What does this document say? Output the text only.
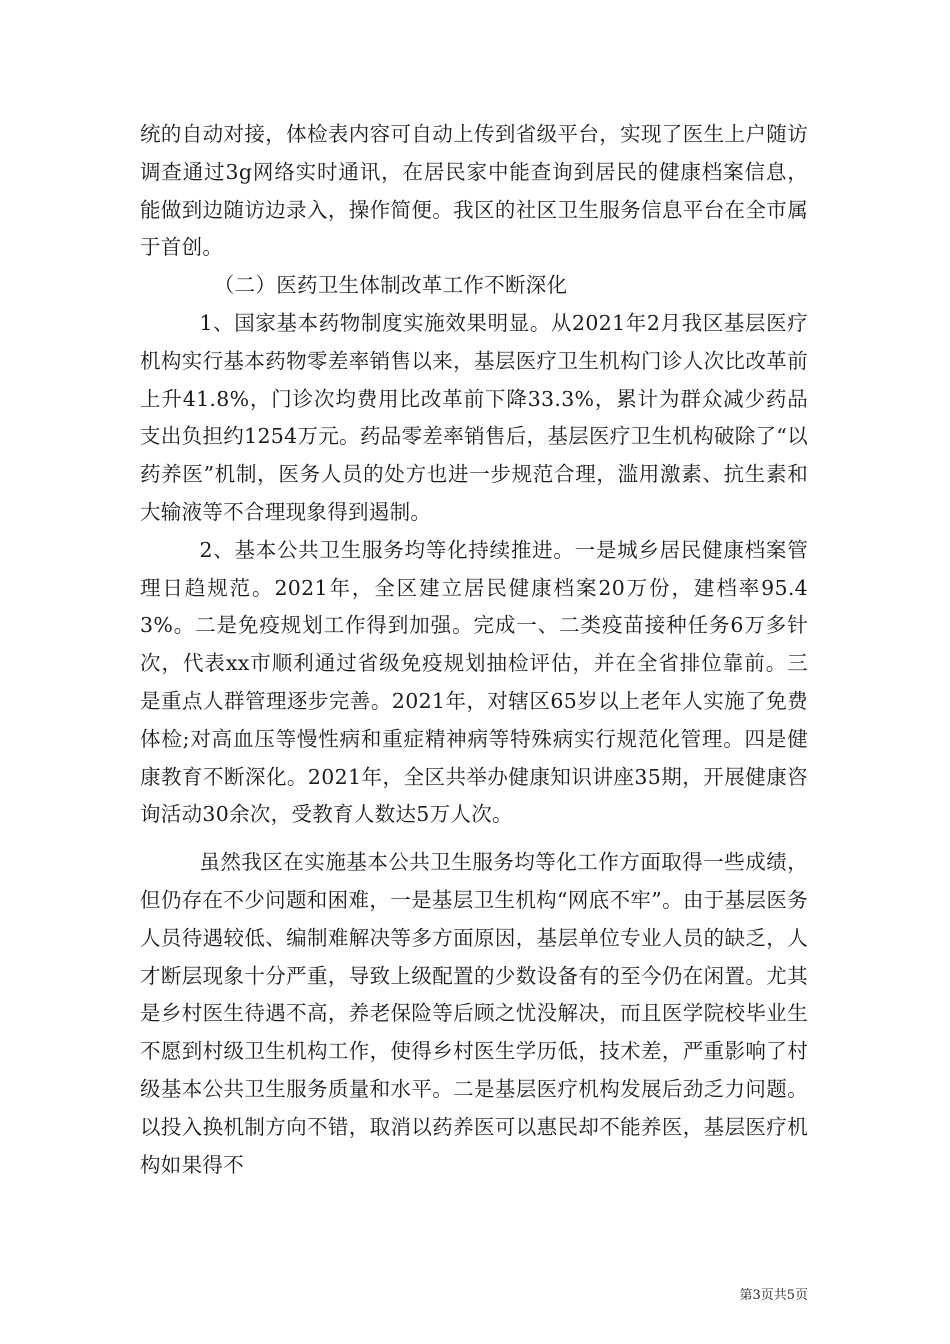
统的自动对接，体检表内容可自动上传到省级平台，实现了医生上户随访调查通过3g网络实时通讯，在居民家中能查询到居民的健康档案信息，能做到边随访边录入，操作简便。我区的社区卫生服务信息平台在全市属于首创。

（二）医药卫生体制改革工作不断深化

1、国家基本药物制度实施效果明显。从2021年2月我区基层医疗机构实行基本药物零差率销售以来，基层医疗卫生机构门诊人次比改革前上升41.8%，门诊次均费用比改革前下降33.3%，累计为群众减少药品支出负担约1254万元。药品零差率销售后，基层医疗卫生机构破除了“以药养医”机制，医务人员的处方也进一步规范合理，滥用激素、抗生素和大输液等不合理现象得到遏制。

2、基本公共卫生服务均等化持续推进。一是城乡居民健康档案管理日趋规范。2021年，全区建立居民健康档案20万份，建档率95.43%。二是免疫规划工作得到加强。完成一、二类疫苗接种任务6万多针次，代表xx市顺利通过省级免疫规划抽检评估，并在全省排位靠前。三是重点人群管理逐步完善。2021年，对辖区65岁以上老年人实施了免费体检;对高血压等慢性病和重症精神病等特殊病实行规范化管理。四是健康教育不断深化。2021年，全区共举办健康知识讲座35期，开展健康咨询活动30余次，受教育人数达5万人次。

虽然我区在实施基本公共卫生服务均等化工作方面取得一些成绩，但仍存在不少问题和困难，一是基层卫生机构“网底不牢”。由于基层医务人员待遇较低、编制难解决等多方面原因，基层单位专业人员的缺乏，人才断层现象十分严重，导致上级配置的少数设备有的至今仍在闲置。尤其是乡村医生待遇不高，养老保险等后顾之忧没解决，而且医学院校毕业生不愿到村级卫生机构工作，使得乡村医生学历低，技术差，严重影响了村级基本公共卫生服务质量和水平。二是基层医疗机构发展后劲乏力问题。以投入换机制方向不错，取消以药养医可以惠民却不能养医，基层医疗机构如果得不

第3页共5页
